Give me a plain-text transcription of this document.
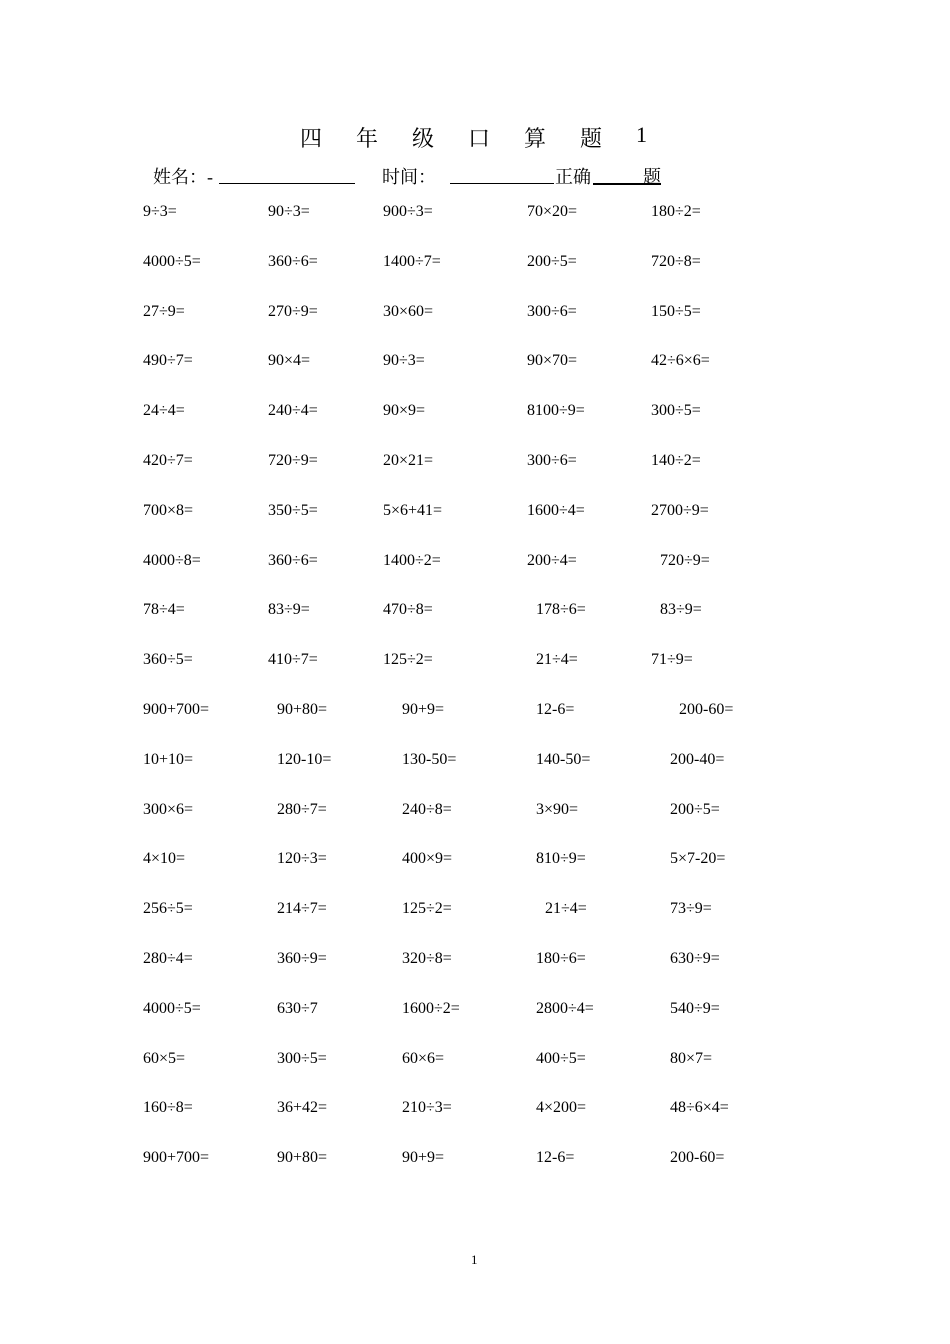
四	年	级	口	算	题	1
姓名：-	时间：	正确	题
9÷3=	90÷3=	900÷3=	70×20=	180÷2=
4000÷5=	360÷6=	1400÷7=	200÷5=	720÷8=
27÷9=	270÷9=	30×60=	300÷6=	150÷5=
490÷7=	90×4=	90÷3=	90×70=	42÷6×6=
24÷4=	240÷4=	90×9=	8100÷9=	300÷5=
420÷7=	720÷9=	20×21=	300÷6=	140÷2=
700×8=	350÷5=	5×6+41=	1600÷4=	2700÷9=
4000÷8=	360÷6=	1400÷2=	200÷4=	720÷9=
78÷4=	83÷9=	470÷8=	178÷6=	83÷9=
360÷5=	410÷7=	125÷2=	21÷4=	71÷9=
900+700=	90+80=	90+9=	12-6=	200-60=
10+10=	120-10=	130-50=	140-50=	200-40=
300×6=	280÷7=	240÷8=	3×90=	200÷5=
4×10=	120÷3=	400×9=	810÷9=	5×7-20=
256÷5=	214÷7=	125÷2=	21÷4=	73÷9=
280÷4=	360÷9=	320÷8=	180÷6=	630÷9=
4000÷5=	630÷7	1600÷2=	2800÷4=	540÷9=
60×5=	300÷5=	60×6=	400÷5=	80×7=
160÷8=	36+42=	210÷3=	4×200=	48÷6×4=
900+700=	90+80=	90+9=	12-6=	200-60=
1
